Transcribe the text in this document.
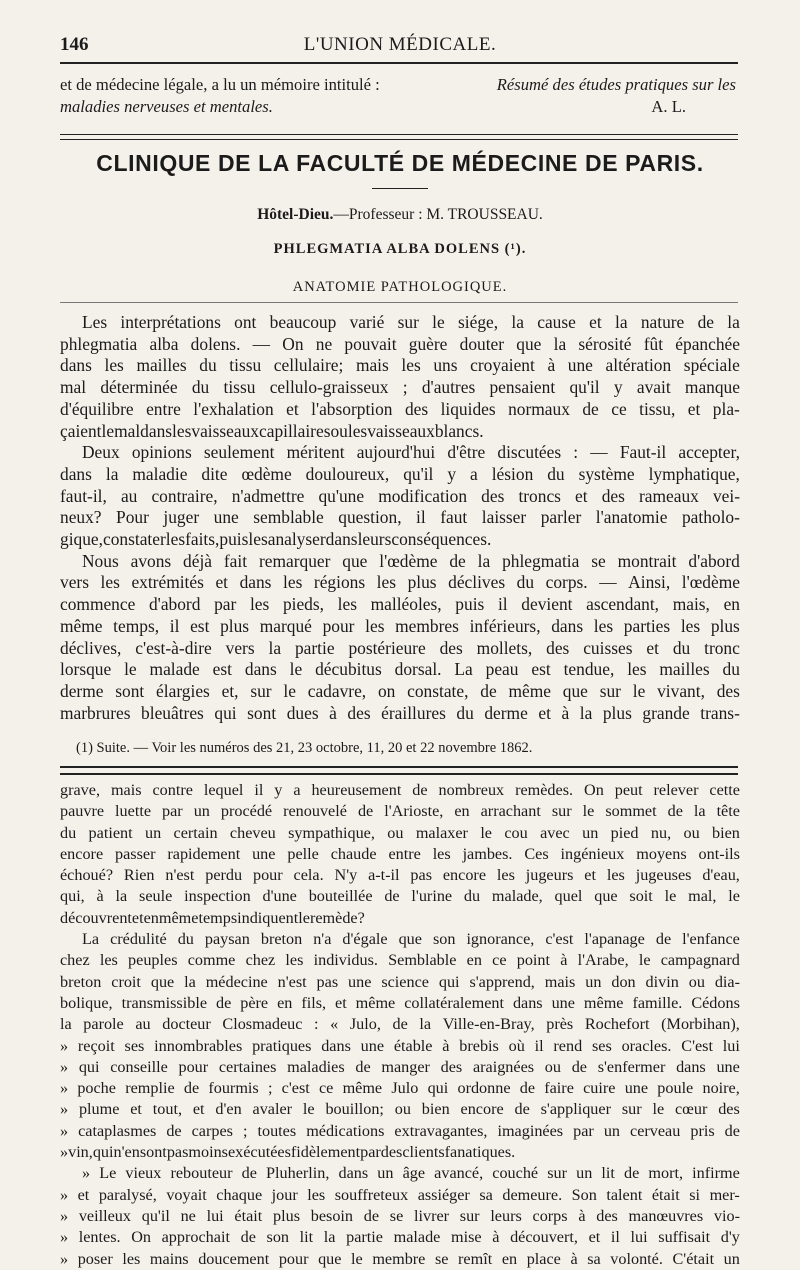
146	L'UNION MÉDICALE.
et de médecine légale, a lu un mémoire intitulé :	Résumé des études pratiques sur les
maladies nerveuses et mentales.	A. L.
CLINIQUE DE LA FACULTÉ DE MÉDECINE DE PARIS.
Hôtel-Dieu.—Professeur : M. TROUSSEAU.
PHLEGMATIA ALBA DOLENS (¹).
ANATOMIE PATHOLOGIQUE.
Les interprétations ont beaucoup varié sur le siége, la cause et la nature de la
phlegmatia alba dolens. — On ne pouvait guère douter que la sérosité fût épanchée
dans les mailles du tissu cellulaire; mais les uns croyaient à une altération spéciale
mal déterminée du tissu cellulo-graisseux ; d'autres pensaient qu'il y avait manque
d'équilibre entre l'exhalation et l'absorption des liquides normaux de ce tissu, et pla-
çaient le mal dans les vaisseaux capillaires ou les vaisseaux blancs.
Deux opinions seulement méritent aujourd'hui d'être discutées : — Faut-il accepter,
dans la maladie dite œdème douloureux, qu'il y a lésion du système lymphatique,
faut-il, au contraire, n'admettre qu'une modification des troncs et des rameaux vei-
neux? Pour juger une semblable question, il faut laisser parler l'anatomie patholo-
gique, constater les faits, puis les analyser dans leurs conséquences.
Nous avons déjà fait remarquer que l'œdème de la phlegmatia se montrait d'abord
vers les extrémités et dans les régions les plus déclives du corps. — Ainsi, l'œdème
commence d'abord par les pieds, les malléoles, puis il devient ascendant, mais, en
même temps, il est plus marqué pour les membres inférieurs, dans les parties les plus
déclives, c'est-à-dire vers la partie postérieure des mollets, des cuisses et du tronc
lorsque le malade est dans le décubitus dorsal. La peau est tendue, les mailles du
derme sont élargies et, sur le cadavre, on constate, de même que sur le vivant, des
marbrures bleuâtres qui sont dues à des éraillures du derme et à la plus grande trans-
(1) Suite. — Voir les numéros des 21, 23 octobre, 11, 20 et 22 novembre 1862.
grave, mais contre lequel il y a heureusement de nombreux remèdes. On peut relever cette
pauvre luette par un procédé renouvelé de l'Arioste, en arrachant sur le sommet de la tête
du patient un certain cheveu sympathique, ou malaxer le cou avec un pied nu, ou bien
encore passer rapidement une pelle chaude entre les jambes. Ces ingénieux moyens ont-ils
échoué? Rien n'est perdu pour cela. N'y a-t-il pas encore les jugeurs et les jugeuses d'eau,
qui, à la seule inspection d'une bouteillée de l'urine du malade, quel que soit le mal, le
découvrent et en même temps indiquent le remède?
La crédulité du paysan breton n'a d'égale que son ignorance, c'est l'apanage de l'enfance
chez les peuples comme chez les individus. Semblable en ce point à l'Arabe, le campagnard
breton croit que la médecine n'est pas une science qui s'apprend, mais un don divin ou dia-
bolique, transmissible de père en fils, et même collatéralement dans une même famille. Cédons
la parole au docteur Closmadeuc : « Julo, de la Ville-en-Bray, près Rochefort (Morbihan),
» reçoit ses innombrables pratiques dans une étable à brebis où il rend ses oracles. C'est lui
» qui conseille pour certaines maladies de manger des araignées ou de s'enfermer dans une
» poche remplie de fourmis ; c'est ce même Julo qui ordonne de faire cuire une poule noire,
» plume et tout, et d'en avaler le bouillon; ou bien encore de s'appliquer sur le cœur des
» cataplasmes de carpes ; toutes médications extravagantes, imaginées par un cerveau pris de
» vin, qui n'en sont pas moins exécutées fidèlement par des clients fanatiques.
» Le vieux rebouteur de Pluherlin, dans un âge avancé, couché sur un lit de mort, infirme
» et paralysé, voyait chaque jour les souffreteux assiéger sa demeure. Son talent était si mer-
» veilleux qu'il ne lui était plus besoin de se livrer sur leurs corps à des manœuvres vio-
» lentes. On approchait de son lit la partie malade mise à découvert, et il lui suffisait d'y
» poser les mains doucement pour que le membre se remît en place à sa volonté. C'était un
